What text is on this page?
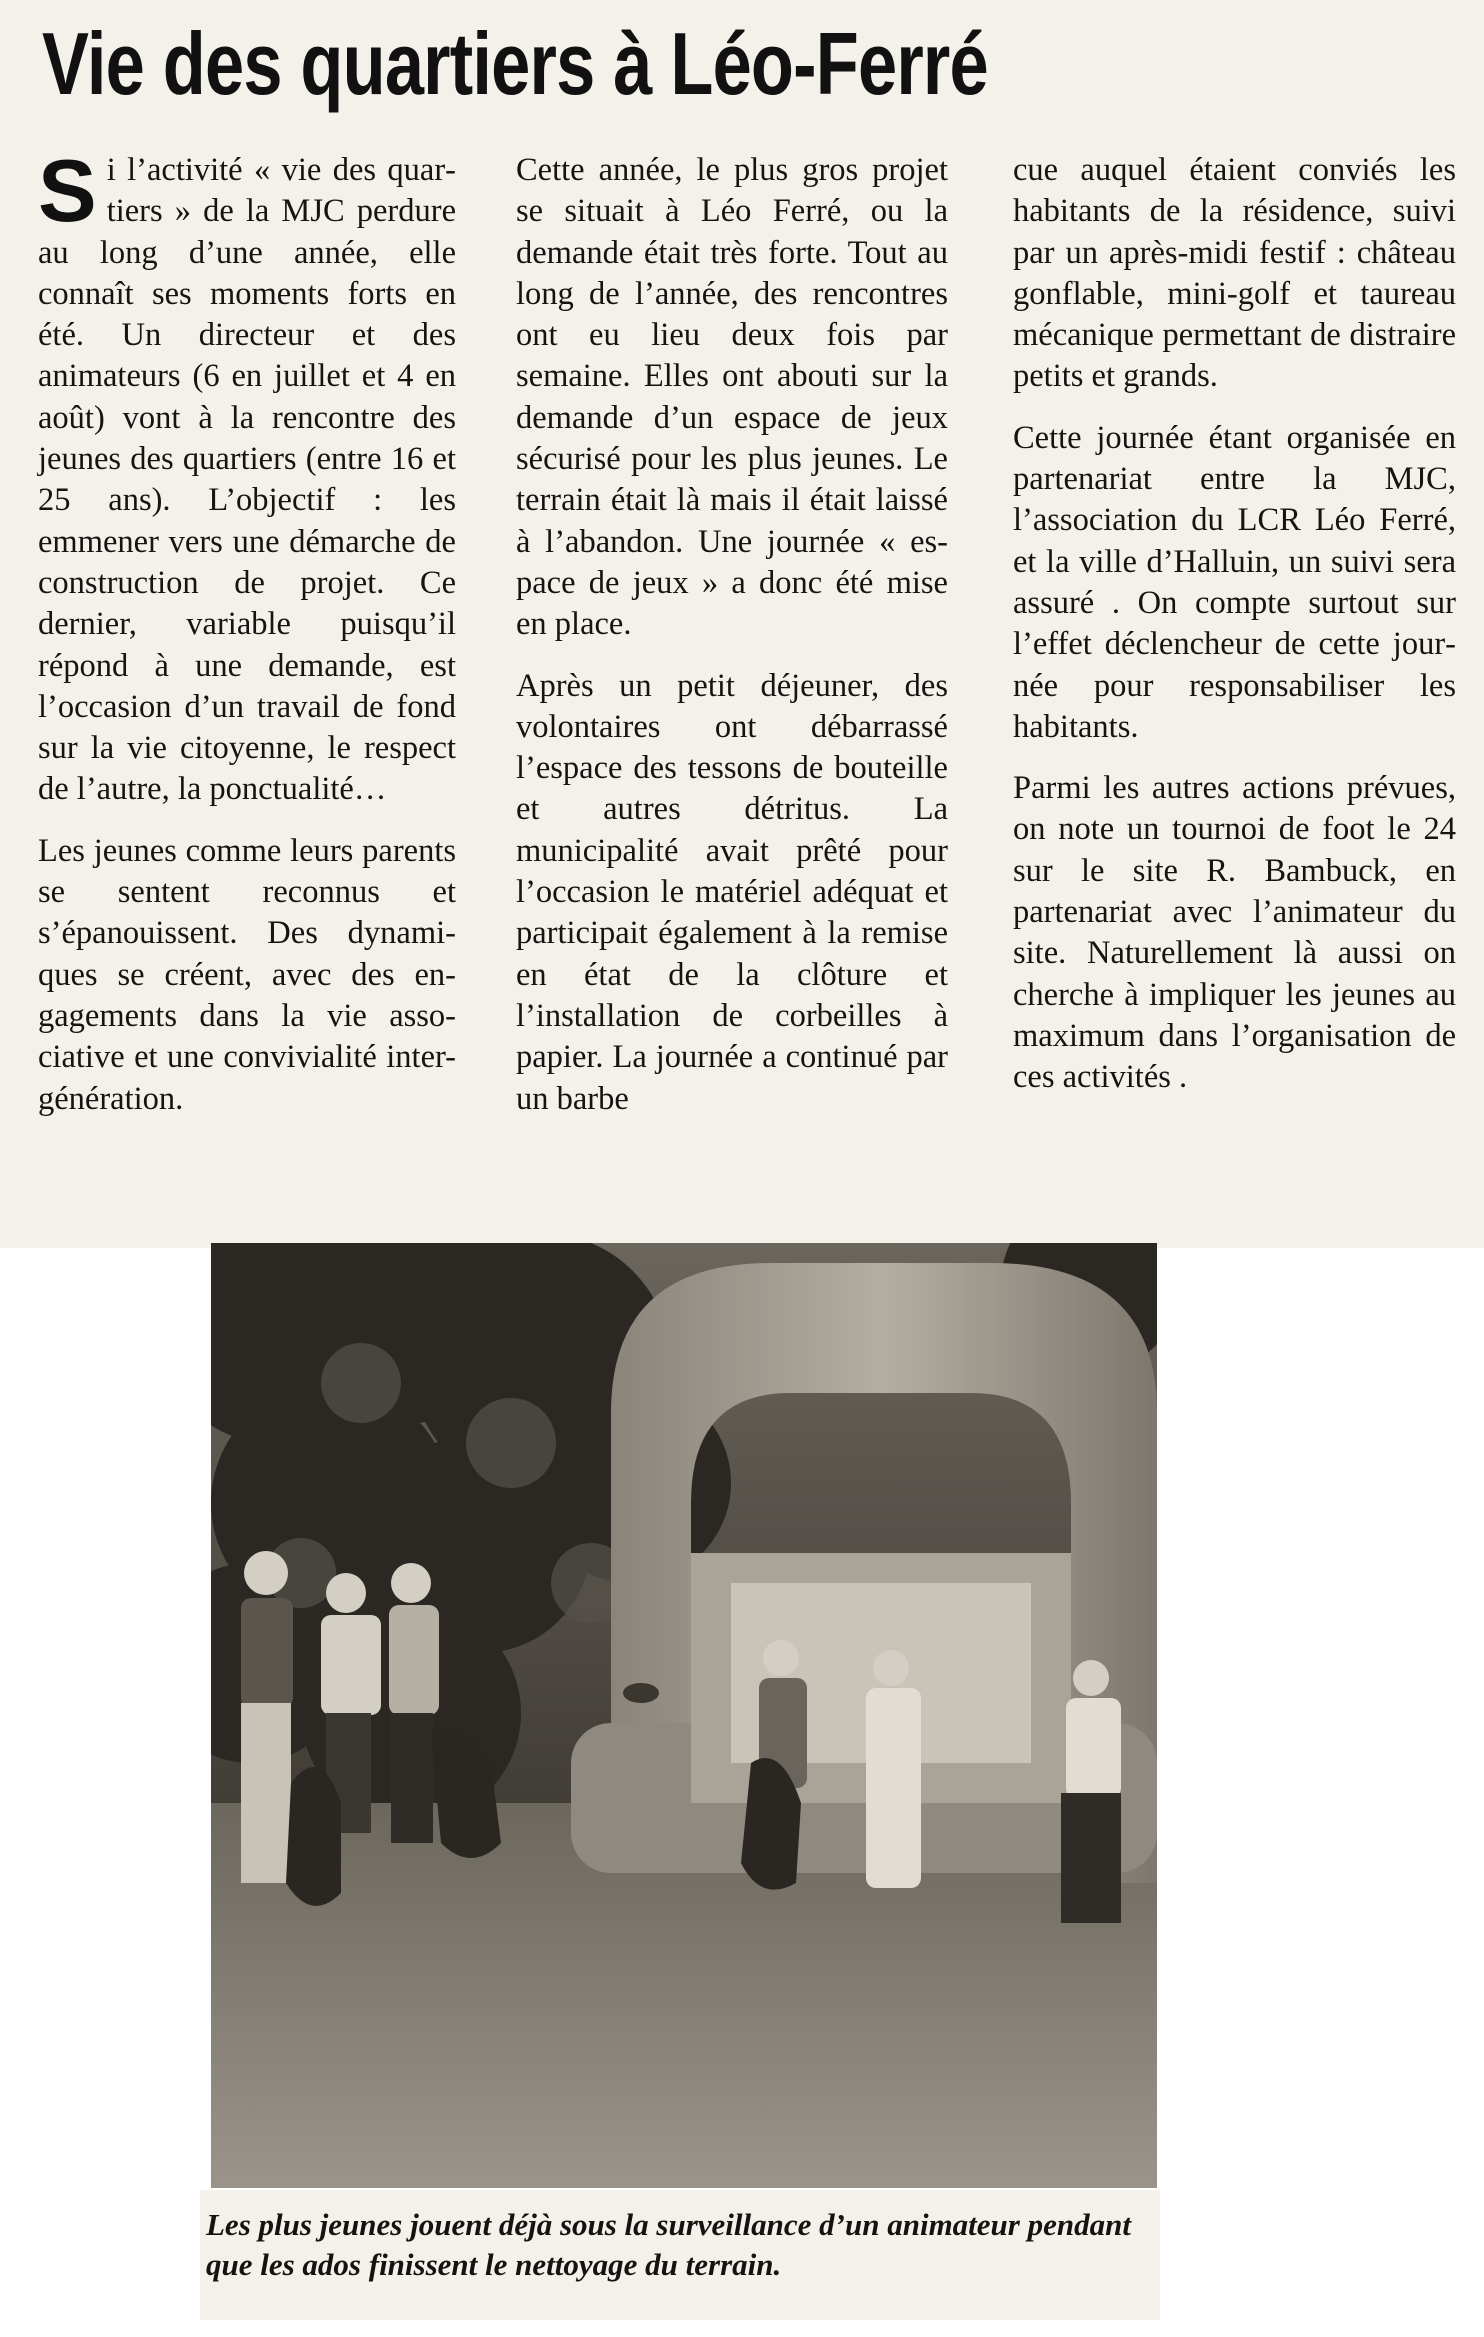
Vie des quartiers à Léo-Ferré

Si l’activité « vie des quartiers » de la MJC perdure au long d’une année, elle connaît ses moments forts en été. Un directeur et des animateurs (6 en juillet et 4 en août) vont à la rencontre des jeunes des quartiers (entre 16 et 25 ans). L’objectif : les emmener vers une démarche de construction de projet. Ce dernier, variable puisqu’il répond à une demande, est l’occasion d’un travail de fond sur la vie citoyenne, le respect de l’autre, la ponctualité…

Les jeunes comme leurs parents se sentent reconnus et s’épanouissent. Des dynamiques se créent, avec des engagements dans la vie associative et une convivialité inter-génération.

Cette année, le plus gros projet se situait à Léo Ferré, ou la demande était très forte. Tout au long de l’année, des rencontres ont eu lieu deux fois par semaine. Elles ont abouti sur la demande d’un espace de jeux sécurisé pour les plus jeunes. Le terrain était là mais il était laissé à l’abandon. Une journée « espace de jeux » a donc été mise en place.

Après un petit déjeuner, des volontaires ont débarrassé l’espace des tessons de bouteille et autres détritus. La municipalité avait prêté pour l’occasion le matériel adéquat et participait également à la remise en état de la clôture et l’installation de corbeilles à papier. La journée a continué par un barbe

cue auquel étaient conviés les habitants de la résidence, suivi par un après-midi festif : château gonflable, mini-golf et taureau mécanique permettant de distraire petits et grands.

Cette journée étant organisée en partenariat entre la MJC, l’association du LCR Léo Ferré, et la ville d’Halluin, un suivi sera assuré . On compte surtout sur l’effet déclencheur de cette journée pour responsabiliser les habitants.

Parmi les autres actions prévues, on note un tournoi de foot le 24 sur le site R. Bambuck, en partenariat avec l’animateur du site. Naturellement là aussi on cherche à impliquer les jeunes au maximum dans l’organisation de ces activités .

Les plus jeunes jouent déjà sous la surveillance d’un animateur pendant que les ados finissent le nettoyage du terrain.
